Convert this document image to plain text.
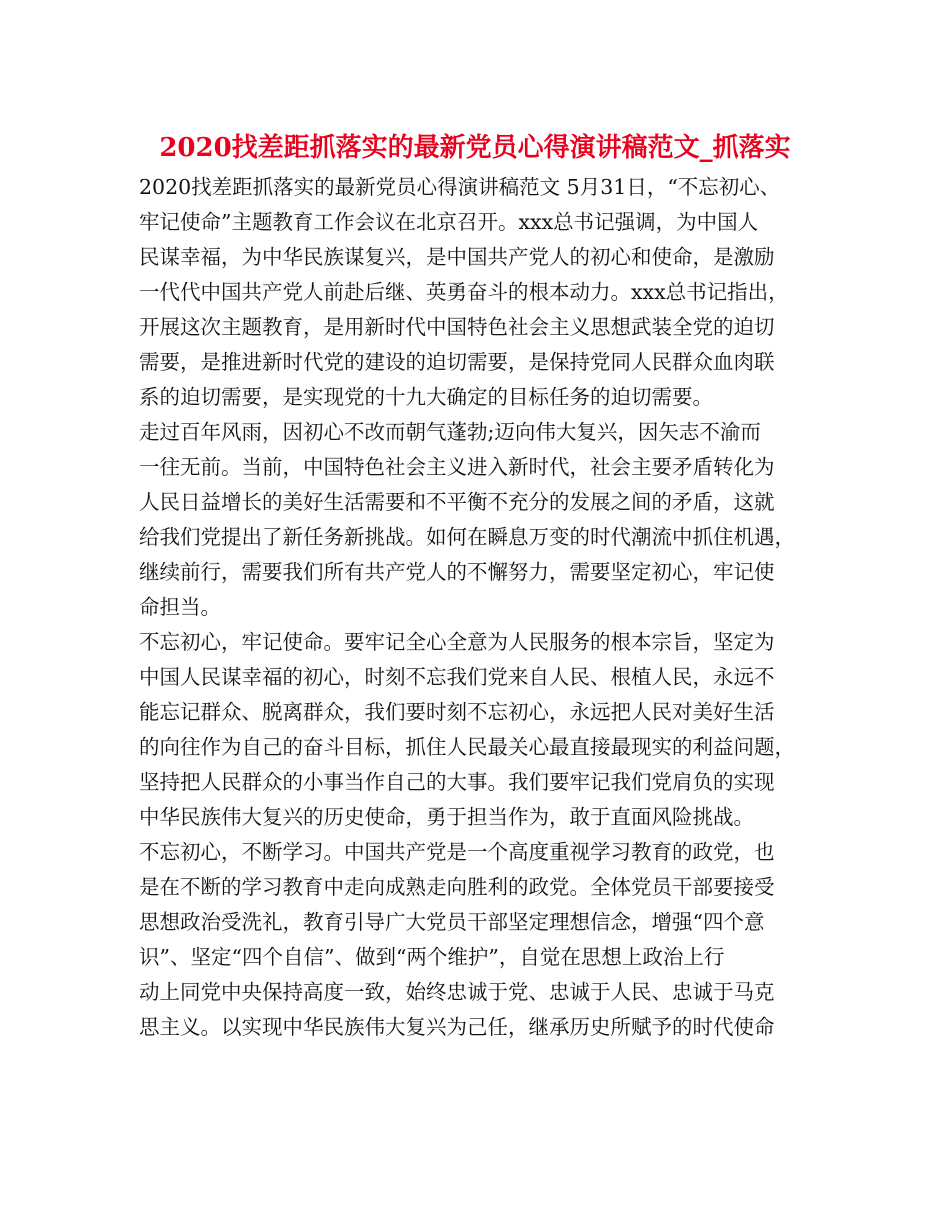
2020找差距抓落实的最新党员心得演讲稿范文_抓落实
2020找差距抓落实的最新党员心得演讲稿范文 5月31日，“不忘初心、
牢记使命”主题教育工作会议在北京召开。xxx总书记强调，为中国人
民谋幸福，为中华民族谋复兴，是中国共产党人的初心和使命，是激励
一代代中国共产党人前赴后继、英勇奋斗的根本动力。xxx总书记指出，
开展这次主题教育，是用新时代中国特色社会主义思想武装全党的迫切
需要，是推进新时代党的建设的迫切需要，是保持党同人民群众血肉联
系的迫切需要，是实现党的十九大确定的目标任务的迫切需要。
走过百年风雨，因初心不改而朝气蓬勃;迈向伟大复兴，因矢志不渝而
一往无前。当前，中国特色社会主义进入新时代，社会主要矛盾转化为
人民日益增长的美好生活需要和不平衡不充分的发展之间的矛盾，这就
给我们党提出了新任务新挑战。如何在瞬息万变的时代潮流中抓住机遇，
继续前行，需要我们所有共产党人的不懈努力，需要坚定初心，牢记使
命担当。
不忘初心，牢记使命。要牢记全心全意为人民服务的根本宗旨，坚定为
中国人民谋幸福的初心，时刻不忘我们党来自人民、根植人民，永远不
能忘记群众、脱离群众，我们要时刻不忘初心，永远把人民对美好生活
的向往作为自己的奋斗目标，抓住人民最关心最直接最现实的利益问题，
坚持把人民群众的小事当作自己的大事。我们要牢记我们党肩负的实现
中华民族伟大复兴的历史使命，勇于担当作为，敢于直面风险挑战。
不忘初心，不断学习。中国共产党是一个高度重视学习教育的政党，也
是在不断的学习教育中走向成熟走向胜利的政党。全体党员干部要接受
思想政治受洗礼，教育引导广大党员干部坚定理想信念，增强“四个意
识”、坚定“四个自信”、做到“两个维护”，自觉在思想上政治上行
动上同党中央保持高度一致，始终忠诚于党、忠诚于人民、忠诚于马克
思主义。以实现中华民族伟大复兴为己任，继承历史所赋予的时代使命
